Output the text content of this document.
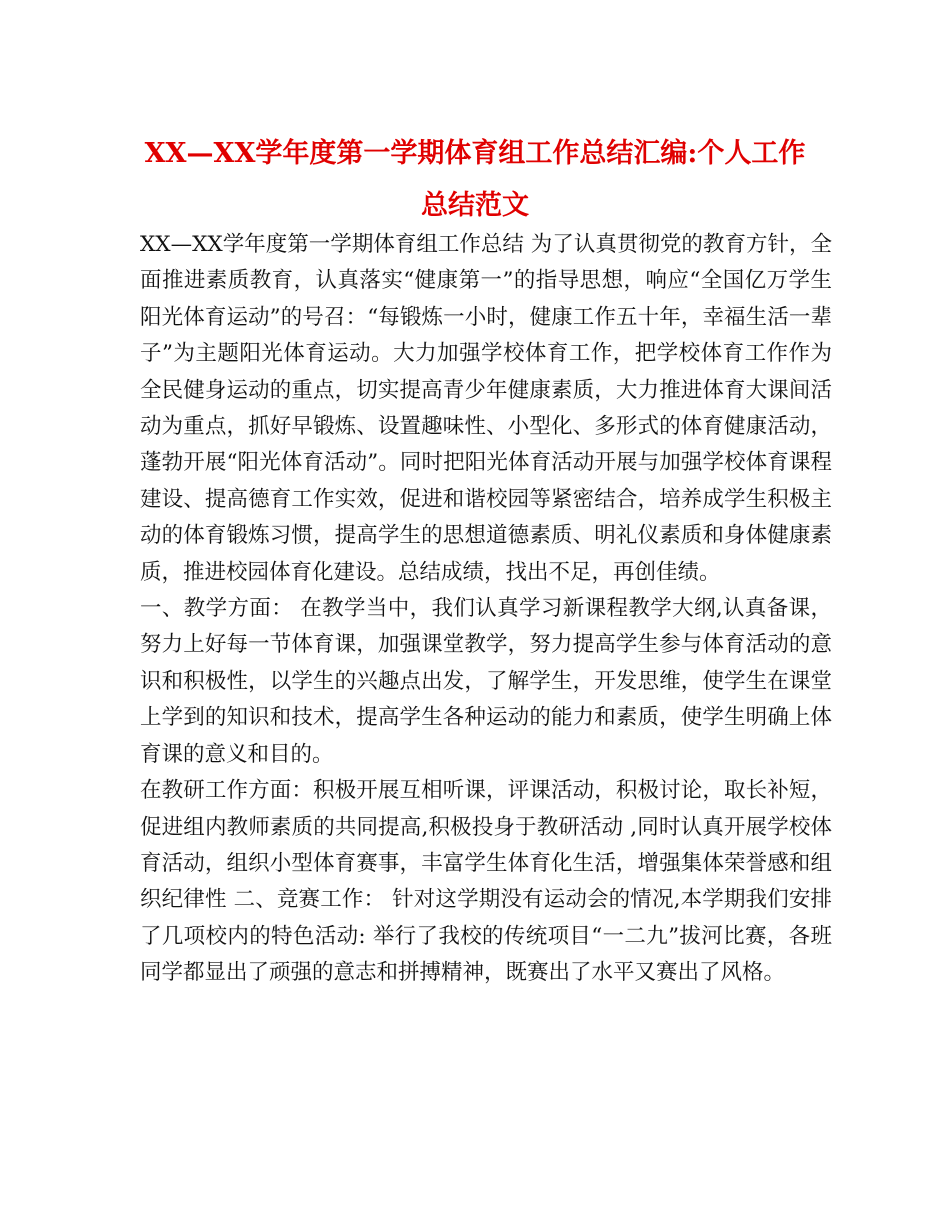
XX—XX学年度第一学期体育组工作总结汇编:个人工作
总结范文

XX—XX学年度第一学期体育组工作总结 为了认真贯彻党的教育方针，全面推进素质教育，认真落实“健康第一”的指导思想，响应“全国亿万学生阳光体育运动”的号召：“每锻炼一小时，健康工作五十年，幸福生活一辈子”为主题阳光体育运动。大力加强学校体育工作，把学校体育工作作为全民健身运动的重点，切实提高青少年健康素质，大力推进体育大课间活动为重点，抓好早锻炼、设置趣味性、小型化、多形式的体育健康活动，蓬勃开展“阳光体育活动”。同时把阳光体育活动开展与加强学校体育课程建设、提高德育工作实效，促进和谐校园等紧密结合，培养成学生积极主动的体育锻炼习惯，提高学生的思想道德素质、明礼仪素质和身体健康素质，推进校园体育化建设。总结成绩，找出不足，再创佳绩。

一、教学方面： 在教学当中，我们认真学习新课程教学大纲,认真备课，努力上好每一节体育课，加强课堂教学，努力提高学生参与体育活动的意识和积极性，以学生的兴趣点出发，了解学生，开发思维，使学生在课堂上学到的知识和技术，提高学生各种运动的能力和素质，使学生明确上体育课的意义和目的。

在教研工作方面：积极开展互相听课，评课活动，积极讨论，取长补短，促进组内教师素质的共同提高,积极投身于教研活动 ,同时认真开展学校体育活动，组织小型体育赛事，丰富学生体育化生活，增强集体荣誉感和组织纪律性 二、竞赛工作： 针对这学期没有运动会的情况,本学期我们安排了几项校内的特色活动: 举行了我校的传统项目“一二九”拔河比赛，各班同学都显出了顽强的意志和拼搏精神，既赛出了水平又赛出了风格。
